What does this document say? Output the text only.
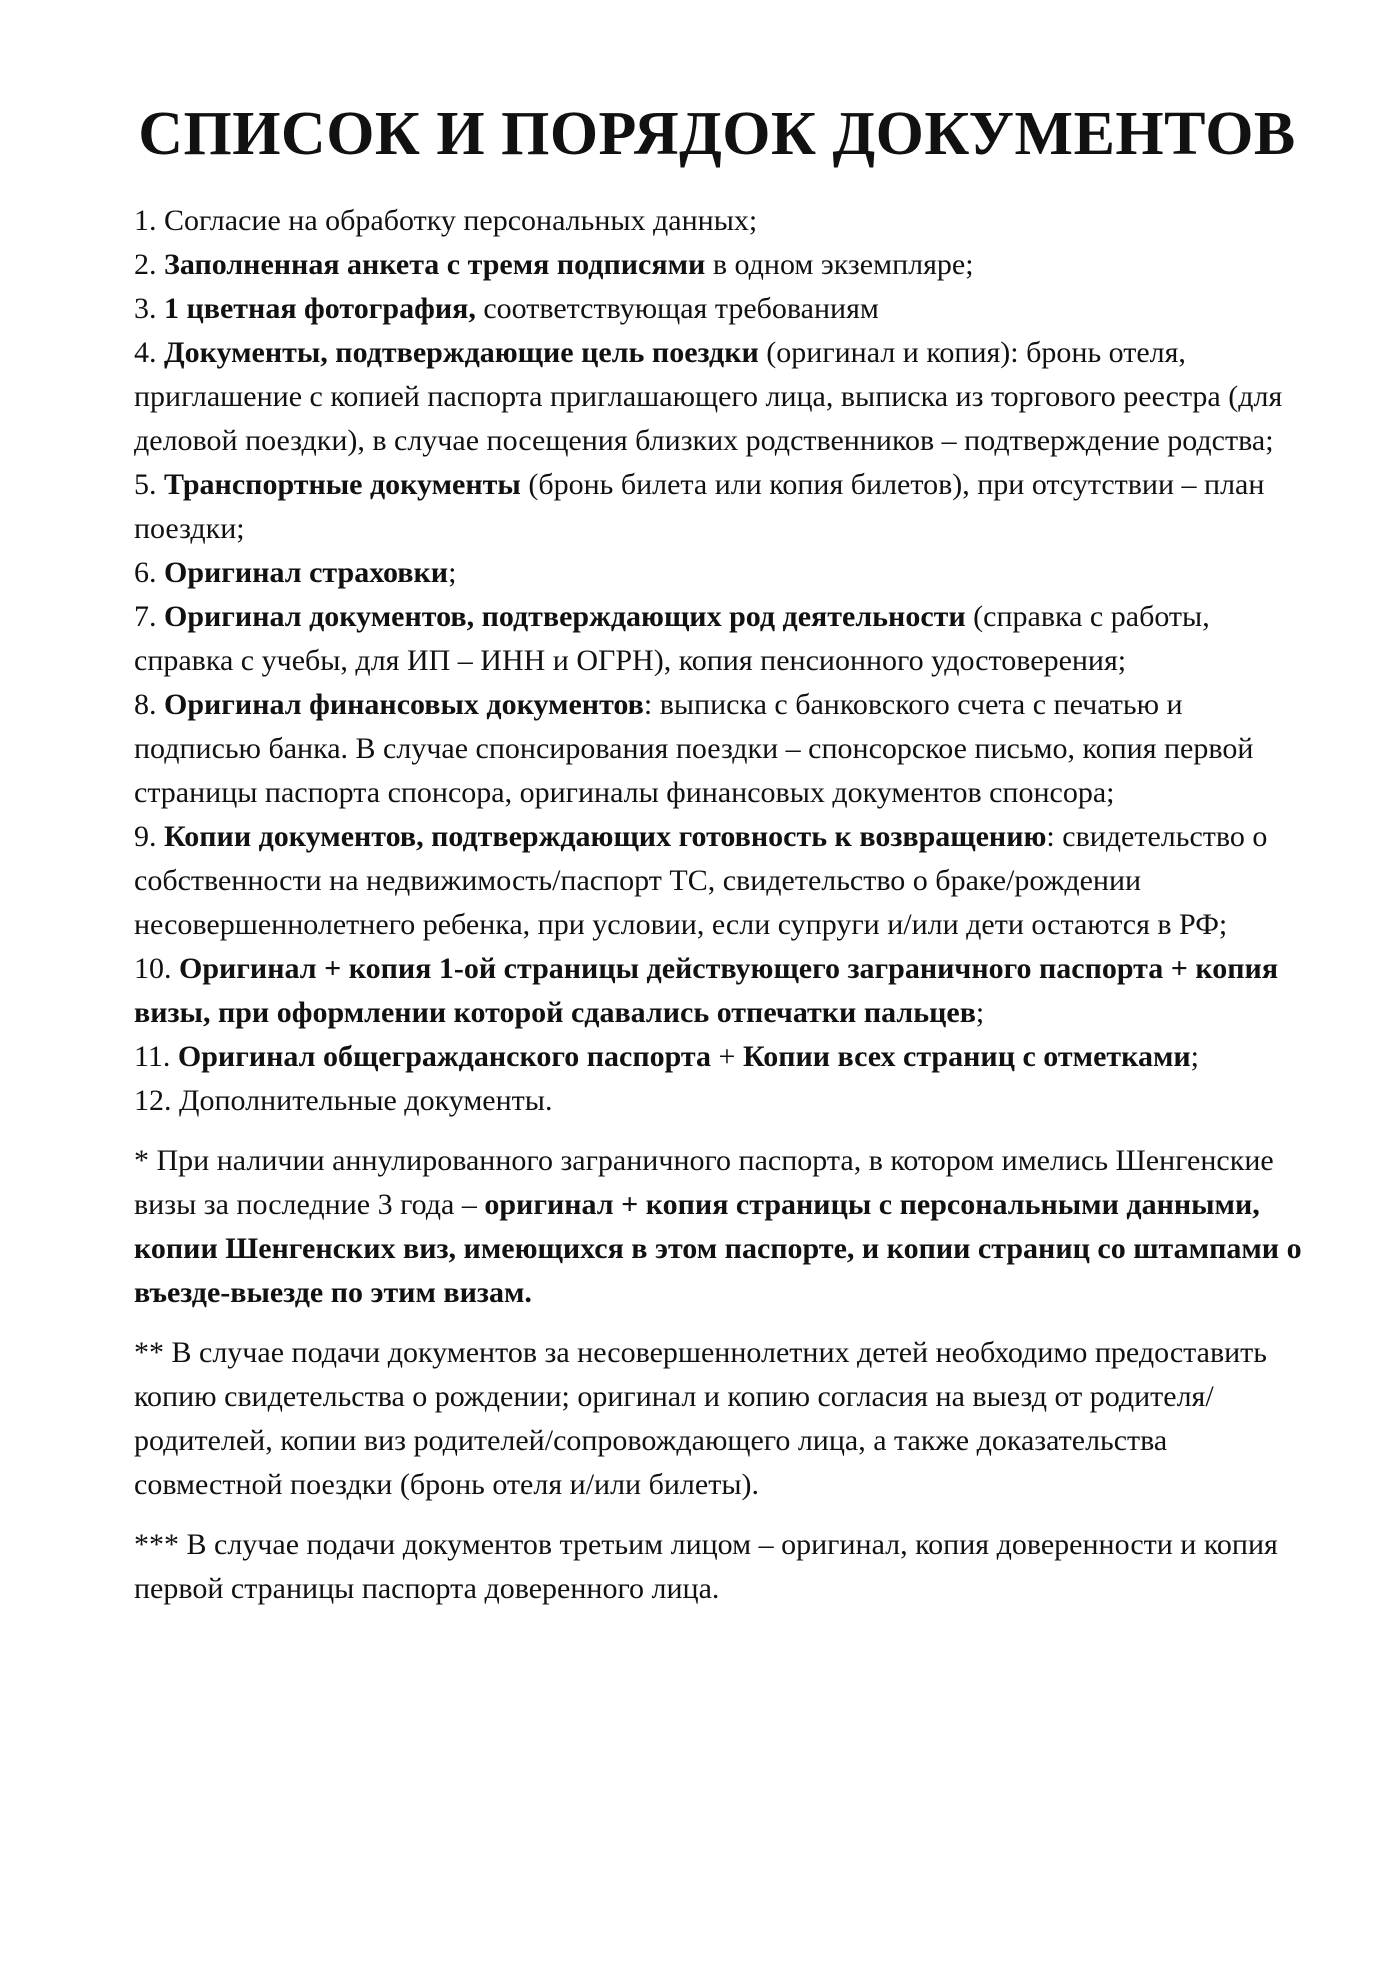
СПИСОК И ПОРЯДОК ДОКУМЕНТОВ

1. Согласие на обработку персональных данных;

2. Заполненная анкета с тремя подписями в одном экземпляре;

3. 1 цветная фотография, соответствующая требованиям

4. Документы, подтверждающие цель поездки (оригинал и копия): бронь отеля, приглашение с копией паспорта приглашающего лица, выписка из торгового реестра (для деловой поездки), в случае посещения близких родственников – подтверждение родства;

5. Транспортные документы (бронь билета или копия билетов), при отсутствии – план поездки;

6. Оригинал страховки;

7. Оригинал документов, подтверждающих род деятельности (справка с работы, справка с учебы, для ИП – ИНН и ОГРН), копия пенсионного удостоверения;

8. Оригинал финансовых документов: выписка с банковского счета с печатью и подписью банка. В случае спонсирования поездки – спонсорское письмо, копия первой страницы паспорта спонсора, оригиналы финансовых документов спонсора;

9. Копии документов, подтверждающих готовность к возвращению: свидетельство о собственности на недвижимость/паспорт ТС, свидетельство о браке/рождении несовершеннолетнего ребенка, при условии, если супруги и/или дети остаются в РФ;

10. Оригинал + копия 1-ой страницы действующего заграничного паспорта + копия визы, при оформлении которой сдавались отпечатки пальцев;

11. Оригинал общегражданского паспорта + Копии всех страниц с отметками;

12. Дополнительные документы.

* При наличии аннулированного заграничного паспорта, в котором имелись Шенгенские визы за последние 3 года – оригинал + копия страницы с персональными данными, копии Шенгенских виз, имеющихся в этом паспорте, и копии страниц со штампами о въезде-выезде по этим визам.

** В случае подачи документов за несовершеннолетних детей необходимо предоставить копию свидетельства о рождении; оригинал и копию согласия на выезд от родителя/родителей, копии виз родителей/сопровождающего лица, а также доказательства совместной поездки (бронь отеля и/или билеты).

*** В случае подачи документов третьим лицом – оригинал, копия доверенности и копия первой страницы паспорта доверенного лица.
